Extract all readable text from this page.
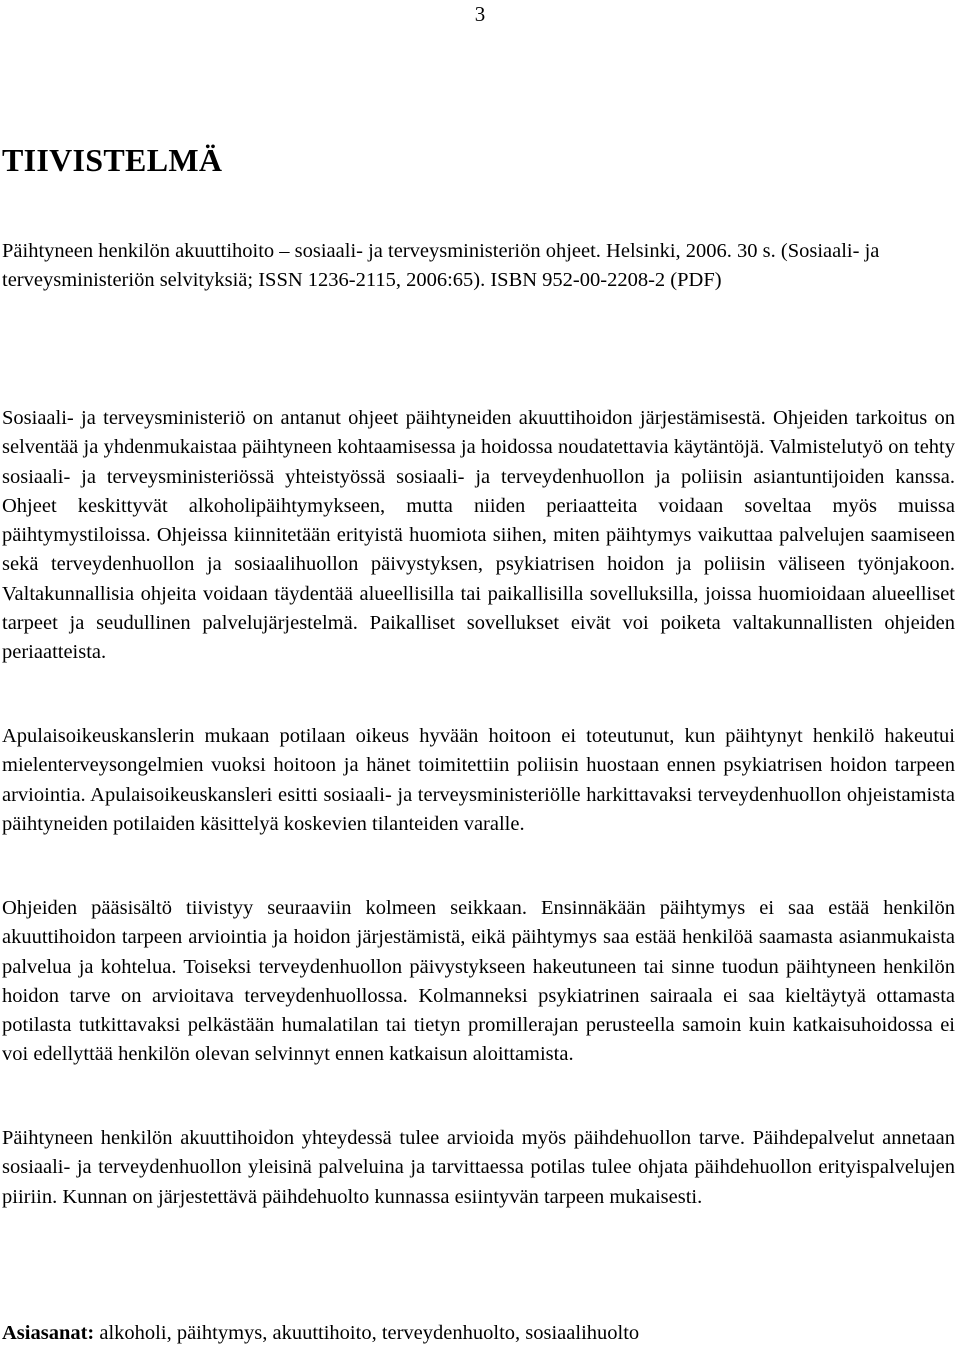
3
TIIVISTELMÄ

Päihtyneen henkilön akuuttihoito – sosiaali- ja terveysministeriön ohjeet. Helsinki, 2006. 30 s. (Sosiaali- ja terveysministeriön selvityksiä; ISSN 1236-2115, 2006:65). ISBN 952-00-2208-2 (PDF)

Sosiaali- ja terveysministeriö on antanut ohjeet päihtyneiden akuuttihoidon järjestämisestä. Ohjeiden tarkoitus on selventää ja yhdenmukaistaa päihtyneen kohtaamisessa ja hoidossa noudatettavia käytäntöjä. Valmistelutyö on tehty sosiaali- ja terveysministeriössä yhteistyössä sosiaali- ja terveydenhuollon ja poliisin asiantuntijoiden kanssa. Ohjeet keskittyvät alkoholipäihtymykseen, mutta niiden periaatteita voidaan soveltaa myös muissa päihtymystiloissa. Ohjeissa kiinnitetään erityistä huomiota siihen, miten päihtymys vaikuttaa palvelujen saamiseen sekä terveydenhuollon ja sosiaalihuollon päivystyksen, psykiatrisen hoidon ja poliisin väliseen työnjakoon. Valtakunnallisia ohjeita voidaan täydentää alueellisilla tai paikallisilla sovelluksilla, joissa huomioidaan alueelliset tarpeet ja seudullinen palvelujärjestelmä. Paikalliset sovellukset eivät voi poiketa valtakunnallisten ohjeiden periaatteista.

Apulaisoikeuskanslerin mukaan potilaan oikeus hyvään hoitoon ei toteutunut, kun päihtynyt henkilö hakeutui mielenterveysongelmien vuoksi hoitoon ja hänet toimitettiin poliisin huostaan ennen psykiatrisen hoidon tarpeen arviointia. Apulaisoikeuskansleri esitti sosiaali- ja terveysministeriölle harkittavaksi terveydenhuollon ohjeistamista päihtyneiden potilaiden käsittelyä koskevien tilanteiden varalle.

Ohjeiden pääsisältö tiivistyy seuraaviin kolmeen seikkaan. Ensinnäkään päihtymys ei saa estää henkilön akuuttihoidon tarpeen arviointia ja hoidon järjestämistä, eikä päihtymys saa estää henkilöä saamasta asianmukaista palvelua ja kohtelua. Toiseksi terveydenhuollon päivystykseen hakeutuneen tai sinne tuodun päihtyneen henkilön hoidon tarve on arvioitava terveydenhuollossa. Kolmanneksi psykiatrinen sairaala ei saa kieltäytyä ottamasta potilasta tutkittavaksi pelkästään humalatilan tai tietyn promillerajan perusteella samoin kuin katkaisuhoidossa ei voi edellyttää henkilön olevan selvinnyt ennen katkaisun aloittamista.

Päihtyneen henkilön akuuttihoidon yhteydessä tulee arvioida myös päihdehuollon tarve. Päihdepalvelut annetaan sosiaali- ja terveydenhuollon yleisinä palveluina ja tarvittaessa potilas tulee ohjata päihdehuollon erityispalvelujen piiriin. Kunnan on järjestettävä päihdehuolto kunnassa esiintyvän tarpeen mukaisesti.

Asiasanat: alkoholi, päihtymys, akuuttihoito, terveydenhuolto, sosiaalihuolto
